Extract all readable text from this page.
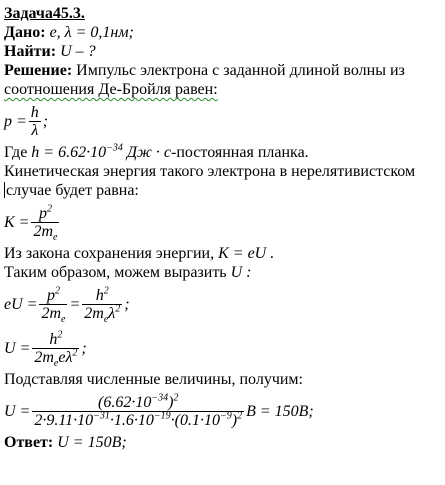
Задача45.3.
Дано: е, λ = 0,1нм;
Найти: U – ?
Решение: Импульс электрона с заданной длиной волны из
соотношения Де-Бройля равен:
$p = \frac{h}{\lambda}$ ;
Где $h = 6.62\cdot 10^{-34}$ Дж · с-постоянная планка.
Кинетическая энергия такого электрона в нерелятивистском
случае будет равна:
$K = \frac{p^2}{2m_e}$
Из закона сохранения энергии, K = eU .
Таким образом, можем выразить U :
eU = $\frac{p^2}{2m_e} = \frac{h^2}{2m_e\lambda^2}$ ;
$U = \frac{h^2}{2m_ee\lambda^2}$ ;
Подставляя численные величины, получим:
$U = \frac{(6.62\cdot 10^{-34})^2}{2\cdot 9.11\cdot 10^{-31}\cdot 1.6\cdot 10^{-19}\cdot(0.1\cdot 10^{-9})^2}$ B = 150B;
Ответ: U = 150B;
